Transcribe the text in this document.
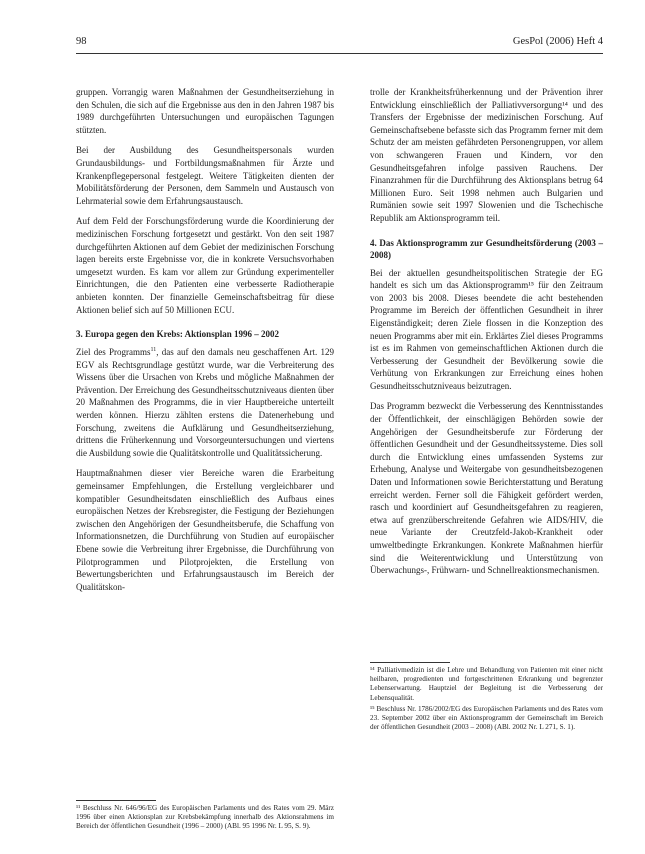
98	GesPol (2006) Heft 4

gruppen. Vorrangig waren Maßnahmen der Gesundheitserziehung in den Schulen, die sich auf die Ergebnisse aus den in den Jahren 1987 bis 1989 durchgeführten Untersuchungen und europäischen Tagungen stützten.

Bei der Ausbildung des Gesundheitspersonals wurden Grundausbildungs- und Fortbildungsmaßnahmen für Ärzte und Krankenpflegepersonal festgelegt. Weitere Tätigkeiten dienten der Mobilitätsförderung der Personen, dem Sammeln und Austausch von Lehrmaterial sowie dem Erfahrungsaustausch.

Auf dem Feld der Forschungsförderung wurde die Koordinierung der medizinischen Forschung fortgesetzt und gestärkt. Von den seit 1987 durchgeführten Aktionen auf dem Gebiet der medizinischen Forschung lagen bereits erste Ergebnisse vor, die in konkrete Versuchsvorhaben umgesetzt wurden. Es kam vor allem zur Gründung experimenteller Einrichtungen, die den Patienten eine verbesserte Radiotherapie anbieten konnten. Der finanzielle Gemeinschaftsbeitrag für diese Aktionen belief sich auf 50 Millionen ECU.

3. Europa gegen den Krebs: Aktionsplan 1996 – 2002

Ziel des Programms$^{11}$, das auf den damals neu geschaffenen Art. 129 EGV als Rechtsgrundlage gestützt wurde, war die Verbreiterung des Wissens über die Ursachen von Krebs und mögliche Maßnahmen der Prävention. Der Erreichung des Gesundheitsschutzniveaus dienten über 20 Maßnahmen des Programms, die in vier Hauptbereiche unterteilt werden können. Hierzu zählten erstens die Datenerhebung und Forschung, zweitens die Aufklärung und Gesundheitserziehung, drittens die Früherkennung und Vorsorgeuntersuchungen und viertens die Ausbildung sowie die Qualitätskontrolle und Qualitätssicherung.

Hauptmaßnahmen dieser vier Bereiche waren die Erarbeitung gemeinsamer Empfehlungen, die Erstellung vergleichbarer und kompatibler Gesundheitsdaten einschließlich des Aufbaus eines europäischen Netzes der Krebsregister, die Festigung der Beziehungen zwischen den Angehörigen der Gesundheitsberufe, die Schaffung von Informationsnetzen, die Durchführung von Studien auf europäischer Ebene sowie die Verbreitung ihrer Ergebnisse, die Durchführung von Pilotprogrammen und Pilotprojekten, die Erstellung von Bewertungsberichten und Erfahrungsaustausch im Bereich der Qualitätskon-

trolle der Krankheitsfrüherkennung und der Prävention ihrer Entwicklung einschließlich der Palliativversorgung¹⁴ und des Transfers der Ergebnisse der medizinischen Forschung. Auf Gemeinschaftsebene befasste sich das Programm ferner mit dem Schutz der am meisten gefährdeten Personengruppen, vor allem von schwangeren Frauen und Kindern, vor den Gesundheitsgefahren infolge passiven Rauchens. Der Finanzrahmen für die Durchführung des Aktionsplans betrug 64 Millionen Euro. Seit 1998 nehmen auch Bulgarien und Rumänien sowie seit 1997 Slowenien und die Tschechische Republik am Aktionsprogramm teil.

4. Das Aktionsprogramm zur Gesundheitsförderung (2003 – 2008)

Bei der aktuellen gesundheitspolitischen Strategie der EG handelt es sich um das Aktionsprogramm¹⁵ für den Zeitraum von 2003 bis 2008. Dieses beendete die acht bestehenden Programme im Bereich der öffentlichen Gesundheit in ihrer Eigenständigkeit; deren Ziele flossen in die Konzeption des neuen Programms aber mit ein. Erklärtes Ziel dieses Programms ist es im Rahmen von gemeinschaftlichen Aktionen durch die Verbesserung der Gesundheit der Bevölkerung sowie die Verhütung von Erkrankungen zur Erreichung eines hohen Gesundheitsschutzniveaus beizutragen.

Das Programm bezweckt die Verbesserung des Kenntnisstandes der Öffentlichkeit, der einschlägigen Behörden sowie der Angehörigen der Gesundheitsberufe zur Förderung der öffentlichen Gesundheit und der Gesundheitssysteme. Dies soll durch die Entwicklung eines umfassenden Systems zur Erhebung, Analyse und Weitergabe von gesundheitsbezogenen Daten und Informationen sowie Berichterstattung und Beratung erreicht werden. Ferner soll die Fähigkeit gefördert werden, rasch und koordiniert auf Gesundheitsgefahren zu reagieren, etwa auf grenzüberschreitende Gefahren wie AIDS/HIV, die neue Variante der Creutzfeld-Jakob-Krankheit oder umweltbedingte Erkrankungen. Konkrete Maßnahmen hierfür sind die Weiterentwicklung und Unterstützung von Überwachungs-, Frühwarn- und Schnellreaktionsmechanismen.

¹⁴ Palliativmedizin ist die Lehre und Behandlung von Patienten mit einer nicht heilbaren, progredienten und fortgeschrittenen Erkrankung und begrenzter Lebenserwartung. Hauptziel der Begleitung ist die Verbesserung der Lebensqualität.

¹⁵ Beschluss Nr. 1786/2002/EG des Europäischen Parlaments und des Rates vom 23. September 2002 über ein Aktionsprogramm der Gemeinschaft im Bereich der öffentlichen Gesundheit (2003 – 2008) (ABl. 2002 Nr. L 271, S. 1).

¹¹ Beschluss Nr. 646/96/EG des Europäischen Parlaments und des Rates vom 29. März 1996 über einen Aktionsplan zur Krebsbekämpfung innerhalb des Aktionsrahmens im Bereich der öffentlichen Gesundheit (1996 – 2000) (ABl. 95 1996 Nr. L 95, S. 9).
